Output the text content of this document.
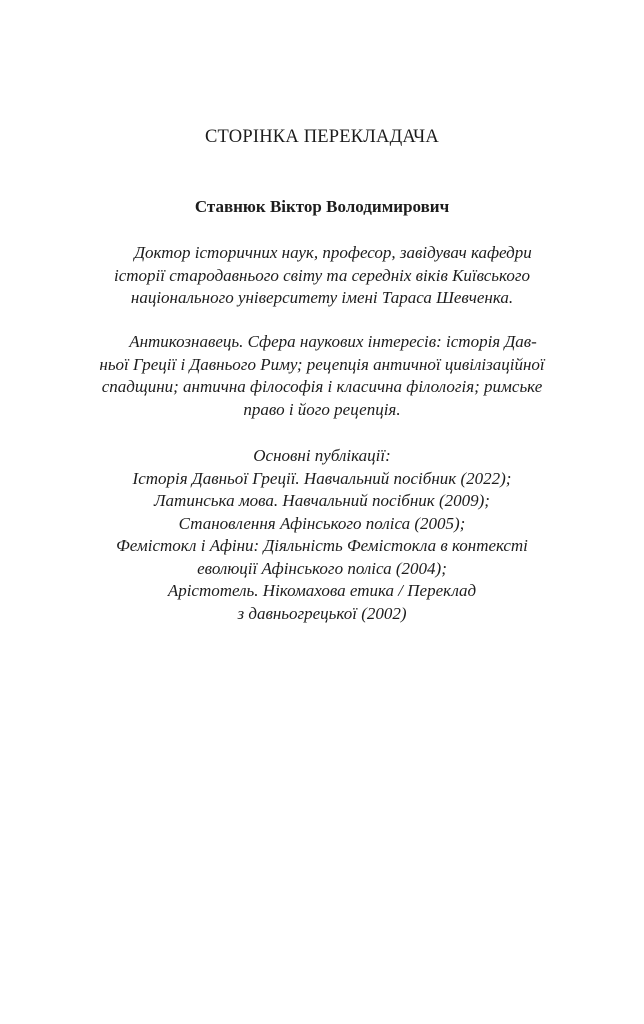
СТОРІНКА ПЕРЕКЛАДАЧА
Ставнюк Віктор Володимирович
Доктор історичних наук, професор, завідувач кафедри
історії стародавнього світу та середніх віків Київського
національного університету імені Тараса Шевченка.
Антикознавець. Сфера наукових інтересів: історія Дав-
ньої Греції і Давнього Риму; рецепція античної цивілізаційної
спадщини; антична філософія і класична філологія; римське
право і його рецепція.
Основні публікації:
Історія Давньої Греції. Навчальний посібник (2022);
Латинська мова. Навчальний посібник (2009);
Становлення Афінського поліса (2005);
Фемістокл і Афіни: Діяльність Фемістокла в контексті
еволюції Афінського поліса (2004);
Арістотель. Нікомахова етика / Переклад
з давньогрецької (2002)
